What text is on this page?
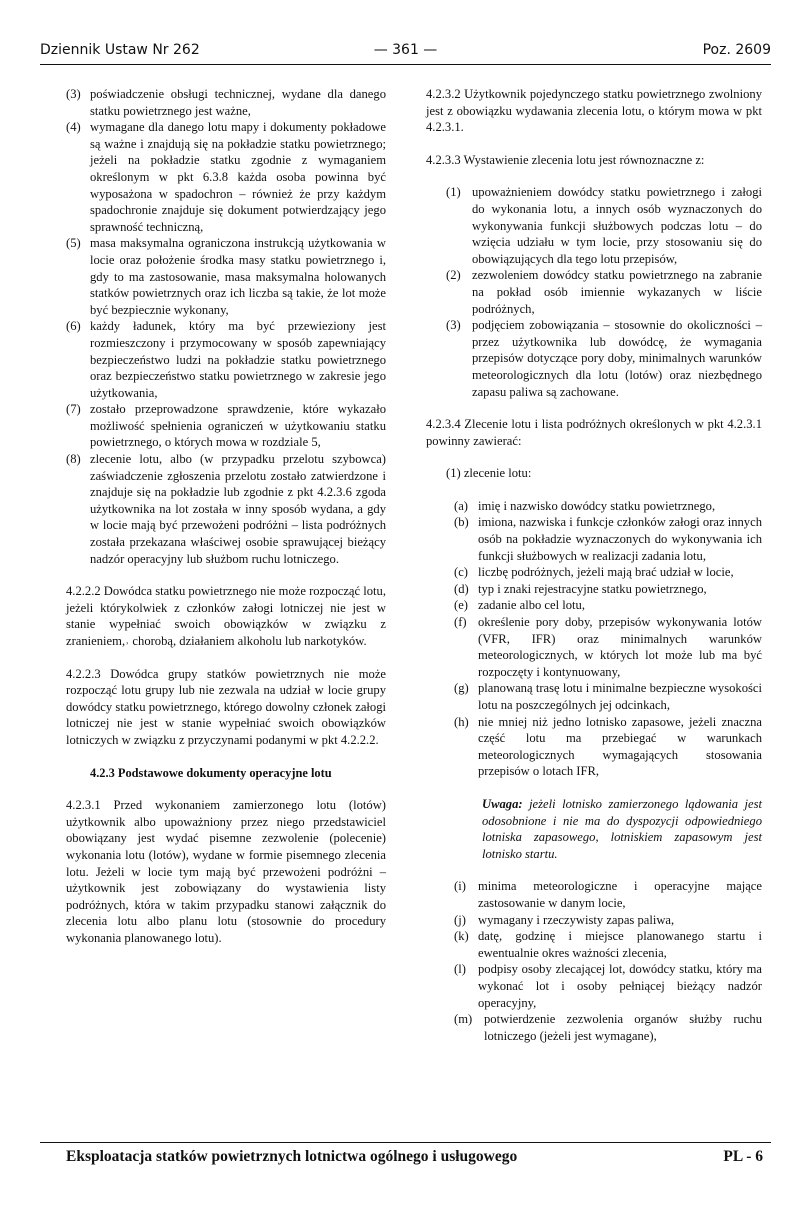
Dziennik Ustaw Nr 262	— 361 —	Poz. 2609
(3) poświadczenie obsługi technicznej, wydane dla danego statku powietrznego jest ważne,
(4) wymagane dla danego lotu mapy i dokumenty pokładowe są ważne i znajdują się na pokładzie statku powietrznego; jeżeli na pokładzie statku zgodnie z wymaganiem określonym w pkt 6.3.8 każda osoba powinna być wyposażona w spadochron – również że przy każdym spadochronie znajduje się dokument potwierdzający jego sprawność techniczną,
(5) masa maksymalna ograniczona instrukcją użytkowania w locie oraz położenie środka masy statku powietrznego i, gdy to ma zastosowanie, masa maksymalna holowanych statków powietrznych oraz ich liczba są takie, że lot może być bezpiecznie wykonany,
(6) każdy ładunek, który ma być przewieziony jest rozmieszczony i przymocowany w sposób zapewniający bezpieczeństwo ludzi na pokładzie statku powietrznego oraz bezpieczeństwo statku powietrznego w zakresie jego użytkowania,
(7) zostało przeprowadzone sprawdzenie, które wykazało możliwość spełnienia ograniczeń w użytkowaniu statku powietrznego, o których mowa w rozdziale 5,
(8) zlecenie lotu, albo (w przypadku przelotu szybowca) zaświadczenie zgłoszenia przelotu zostało zatwierdzone i znajduje się na pokładzie lub zgodnie z pkt 4.2.3.6 zgoda użytkownika na lot została w inny sposób wydana, a gdy w locie mają być przewożeni podróżni – lista podróżnych została przekazana właściwej osobie sprawującej bieżący nadzór operacyjny lub służbom ruchu lotniczego.

4.2.2.2 Dowódca statku powietrznego nie może rozpocząć lotu, jeżeli którykolwiek z członków załogi lotniczej nie jest w stanie wypełniać swoich obowiązków w związku z zranieniem,˒ chorobą, działaniem alkoholu lub narkotyków.

4.2.2.3 Dowódca grupy statków powietrznych nie może rozpocząć lotu grupy lub nie zezwala na udział w locie grupy dowódcy statku powietrznego, którego dowolny członek załogi lotniczej nie jest w stanie wypełniać swoich obowiązków lotniczych w związku z przyczynami podanymi w pkt 4.2.2.2.

4.2.3 Podstawowe dokumenty operacyjne lotu

4.2.3.1 Przed wykonaniem zamierzonego lotu (lotów) użytkownik albo upoważniony przez niego przedstawiciel obowiązany jest wydać pisemne zezwolenie (polecenie) wykonania lotu (lotów), wydane w formie pisemnego zlecenia lotu. Jeżeli w locie tym mają być przewożeni podróżni – użytkownik jest zobowiązany do wystawienia listy podróżnych, która w takim przypadku stanowi załącznik do zlecenia lotu albo planu lotu (stosownie do procedury wykonania planowanego lotu).

4.2.3.2 Użytkownik pojedynczego statku powietrznego zwolniony jest z obowiązku wydawania zlecenia lotu, o którym mowa w pkt 4.2.3.1.

4.2.3.3 Wystawienie zlecenia lotu jest równoznaczne z:

(1) upoważnieniem dowódcy statku powietrznego i załogi do wykonania lotu, a innych osób wyznaczonych do wykonywania funkcji służbowych podczas lotu – do wzięcia udziału w tym locie, przy stosowaniu się do obowiązujących dla tego lotu przepisów,
(2) zezwoleniem dowódcy statku powietrznego na zabranie na pokład osób imiennie wykazanych w liście podróżnych,
(3) podjęciem zobowiązania – stosownie do okoliczności – przez użytkownika lub dowódcę, że wymagania przepisów dotyczące pory doby, minimalnych warunków meteorologicznych dla lotu (lotów) oraz niezbędnego zapasu paliwa są zachowane.

4.2.3.4 Zlecenie lotu i lista podróżnych określonych w pkt 4.2.3.1 powinny zawierać:

(1) zlecenie lotu:

(a) imię i nazwisko dowódcy statku powietrznego,
(b) imiona, nazwiska i funkcje członków załogi oraz innych osób na pokładzie wyznaczonych do wykonywania ich funkcji służbowych w realizacji zadania lotu,
(c) liczbę podróżnych, jeżeli mają brać udział w locie,
(d) typ i znaki rejestracyjne statku powietrznego,
(e) zadanie albo cel lotu,
(f) określenie pory doby, przepisów wykonywania lotów (VFR, IFR) oraz minimalnych warunków meteorologicznych, w których lot może lub ma być rozpoczęty i kontynuowany,
(g) planowaną trasę lotu i minimalne bezpieczne wysokości lotu na poszczególnych jej odcinkach,
(h) nie mniej niż jedno lotnisko zapasowe, jeżeli znaczna część lotu ma przebiegać w warunkach meteorologicznych wymagających stosowania przepisów o lotach IFR,

Uwaga: jeżeli lotnisko zamierzonego lądowania jest odosobnione i nie ma do dyspozycji odpowiedniego lotniska zapasowego, lotniskiem zapasowym jest lotnisko startu.

(i) minima meteorologiczne i operacyjne mające zastosowanie w danym locie,
(j) wymagany i rzeczywisty zapas paliwa,
(k) datę, godzinę i miejsce planowanego startu i ewentualnie okres ważności zlecenia,
(l) podpisy osoby zlecającej lot, dowódcy statku, który ma wykonać lot i osoby pełniącej bieżący nadzór operacyjny,
(m) potwierdzenie zezwolenia organów służby ruchu lotniczego (jeżeli jest wymagane),
Eksploatacja statków powietrznych lotnictwa ogólnego i usługowego	PL - 6
